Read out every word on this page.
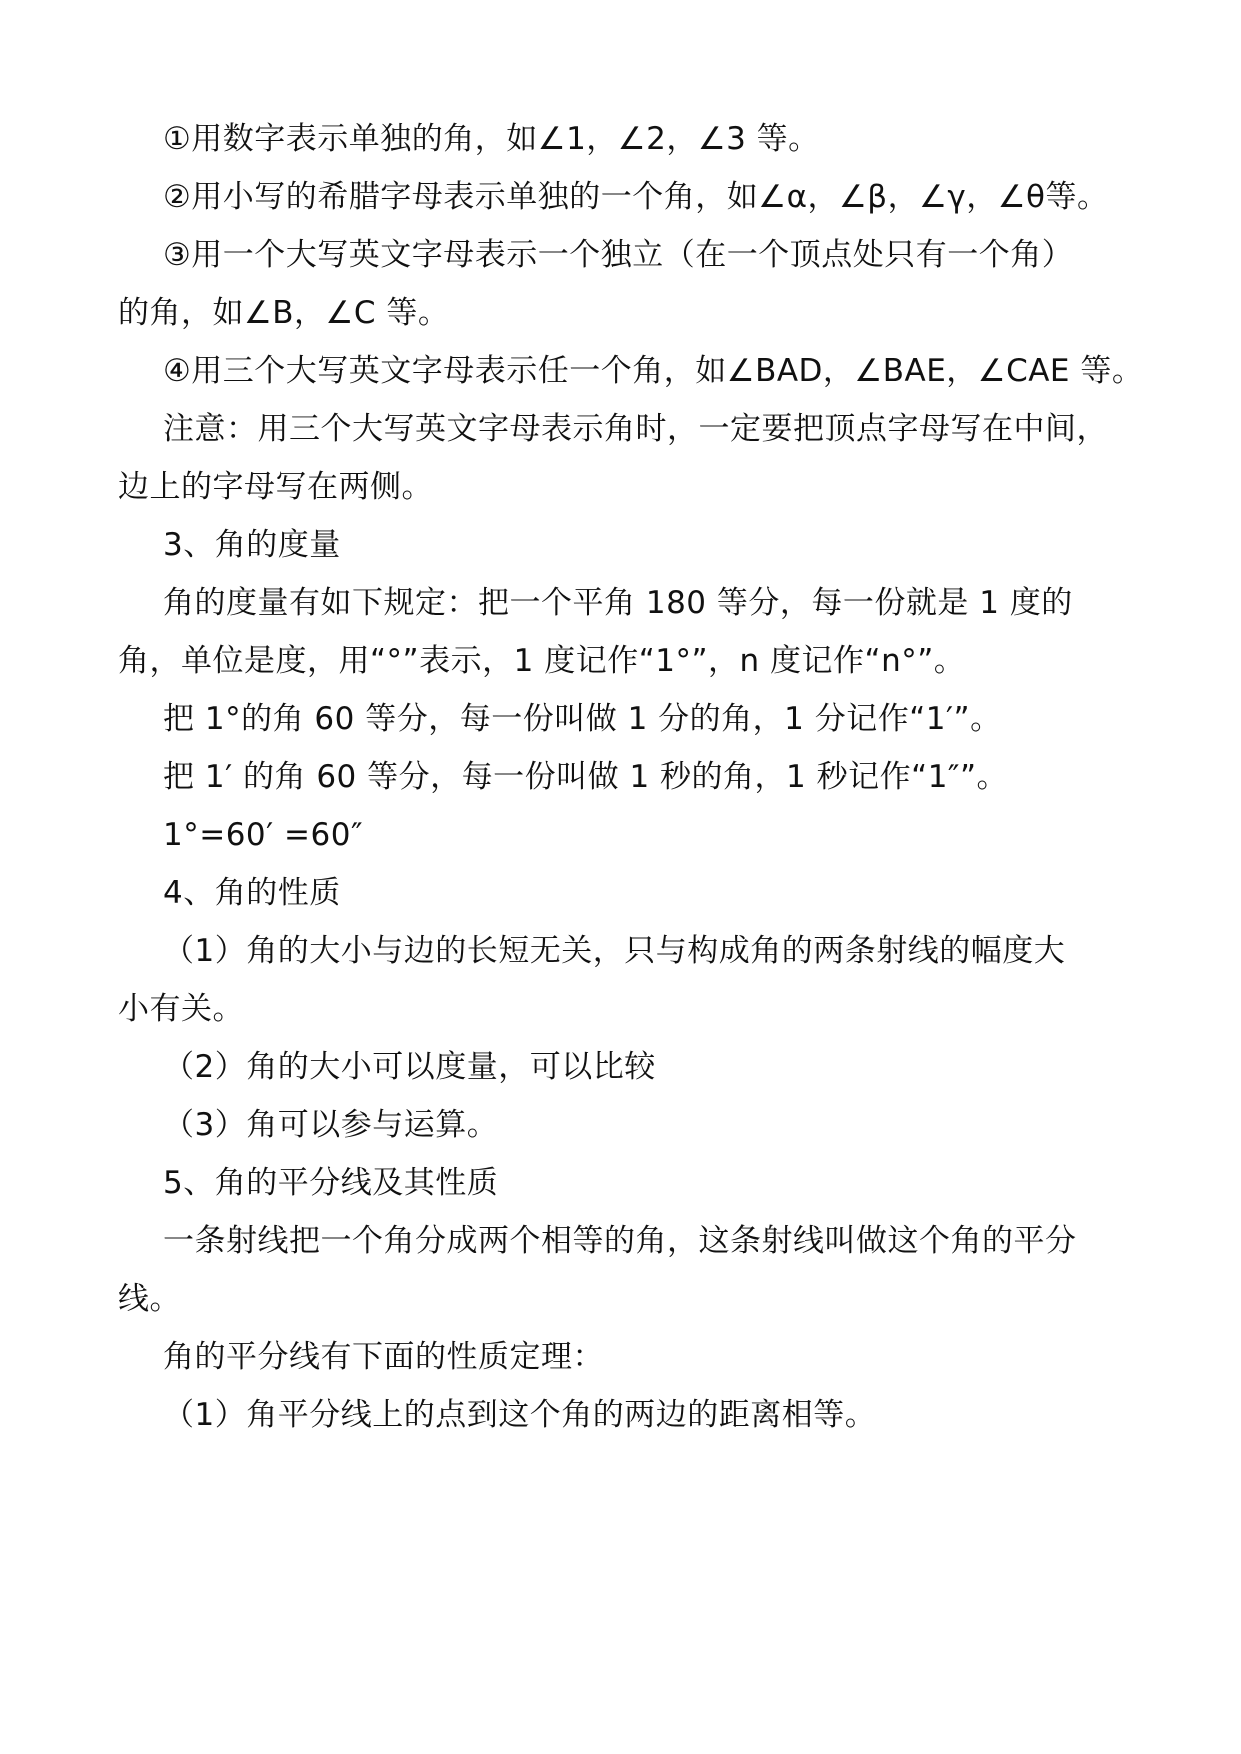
①用数字表示单独的角，如∠1，∠2，∠3 等。
②用小写的希腊字母表示单独的一个角，如∠α，∠β，∠γ，∠θ等。
③用一个大写英文字母表示一个独立（在一个顶点处只有一个角）
的角，如∠B，∠C 等。
④用三个大写英文字母表示任一个角，如∠BAD，∠BAE，∠CAE 等。
注意：用三个大写英文字母表示角时，一定要把顶点字母写在中间，
边上的字母写在两侧。
3、角的度量
角的度量有如下规定：把一个平角 180 等分，每一份就是 1 度的
角，单位是度，用“°”表示，1 度记作“1°”，n 度记作“n°”。
把 1°的角 60 等分，每一份叫做 1 分的角，1 分记作“1′”。
把 1′ 的角 60 等分，每一份叫做 1 秒的角，1 秒记作“1″”。
1°=60′ =60″
4、角的性质
（1）角的大小与边的长短无关，只与构成角的两条射线的幅度大
小有关。
（2）角的大小可以度量，可以比较
（3）角可以参与运算。
5、角的平分线及其性质
一条射线把一个角分成两个相等的角，这条射线叫做这个角的平分
线。
角的平分线有下面的性质定理：
（1）角平分线上的点到这个角的两边的距离相等。
